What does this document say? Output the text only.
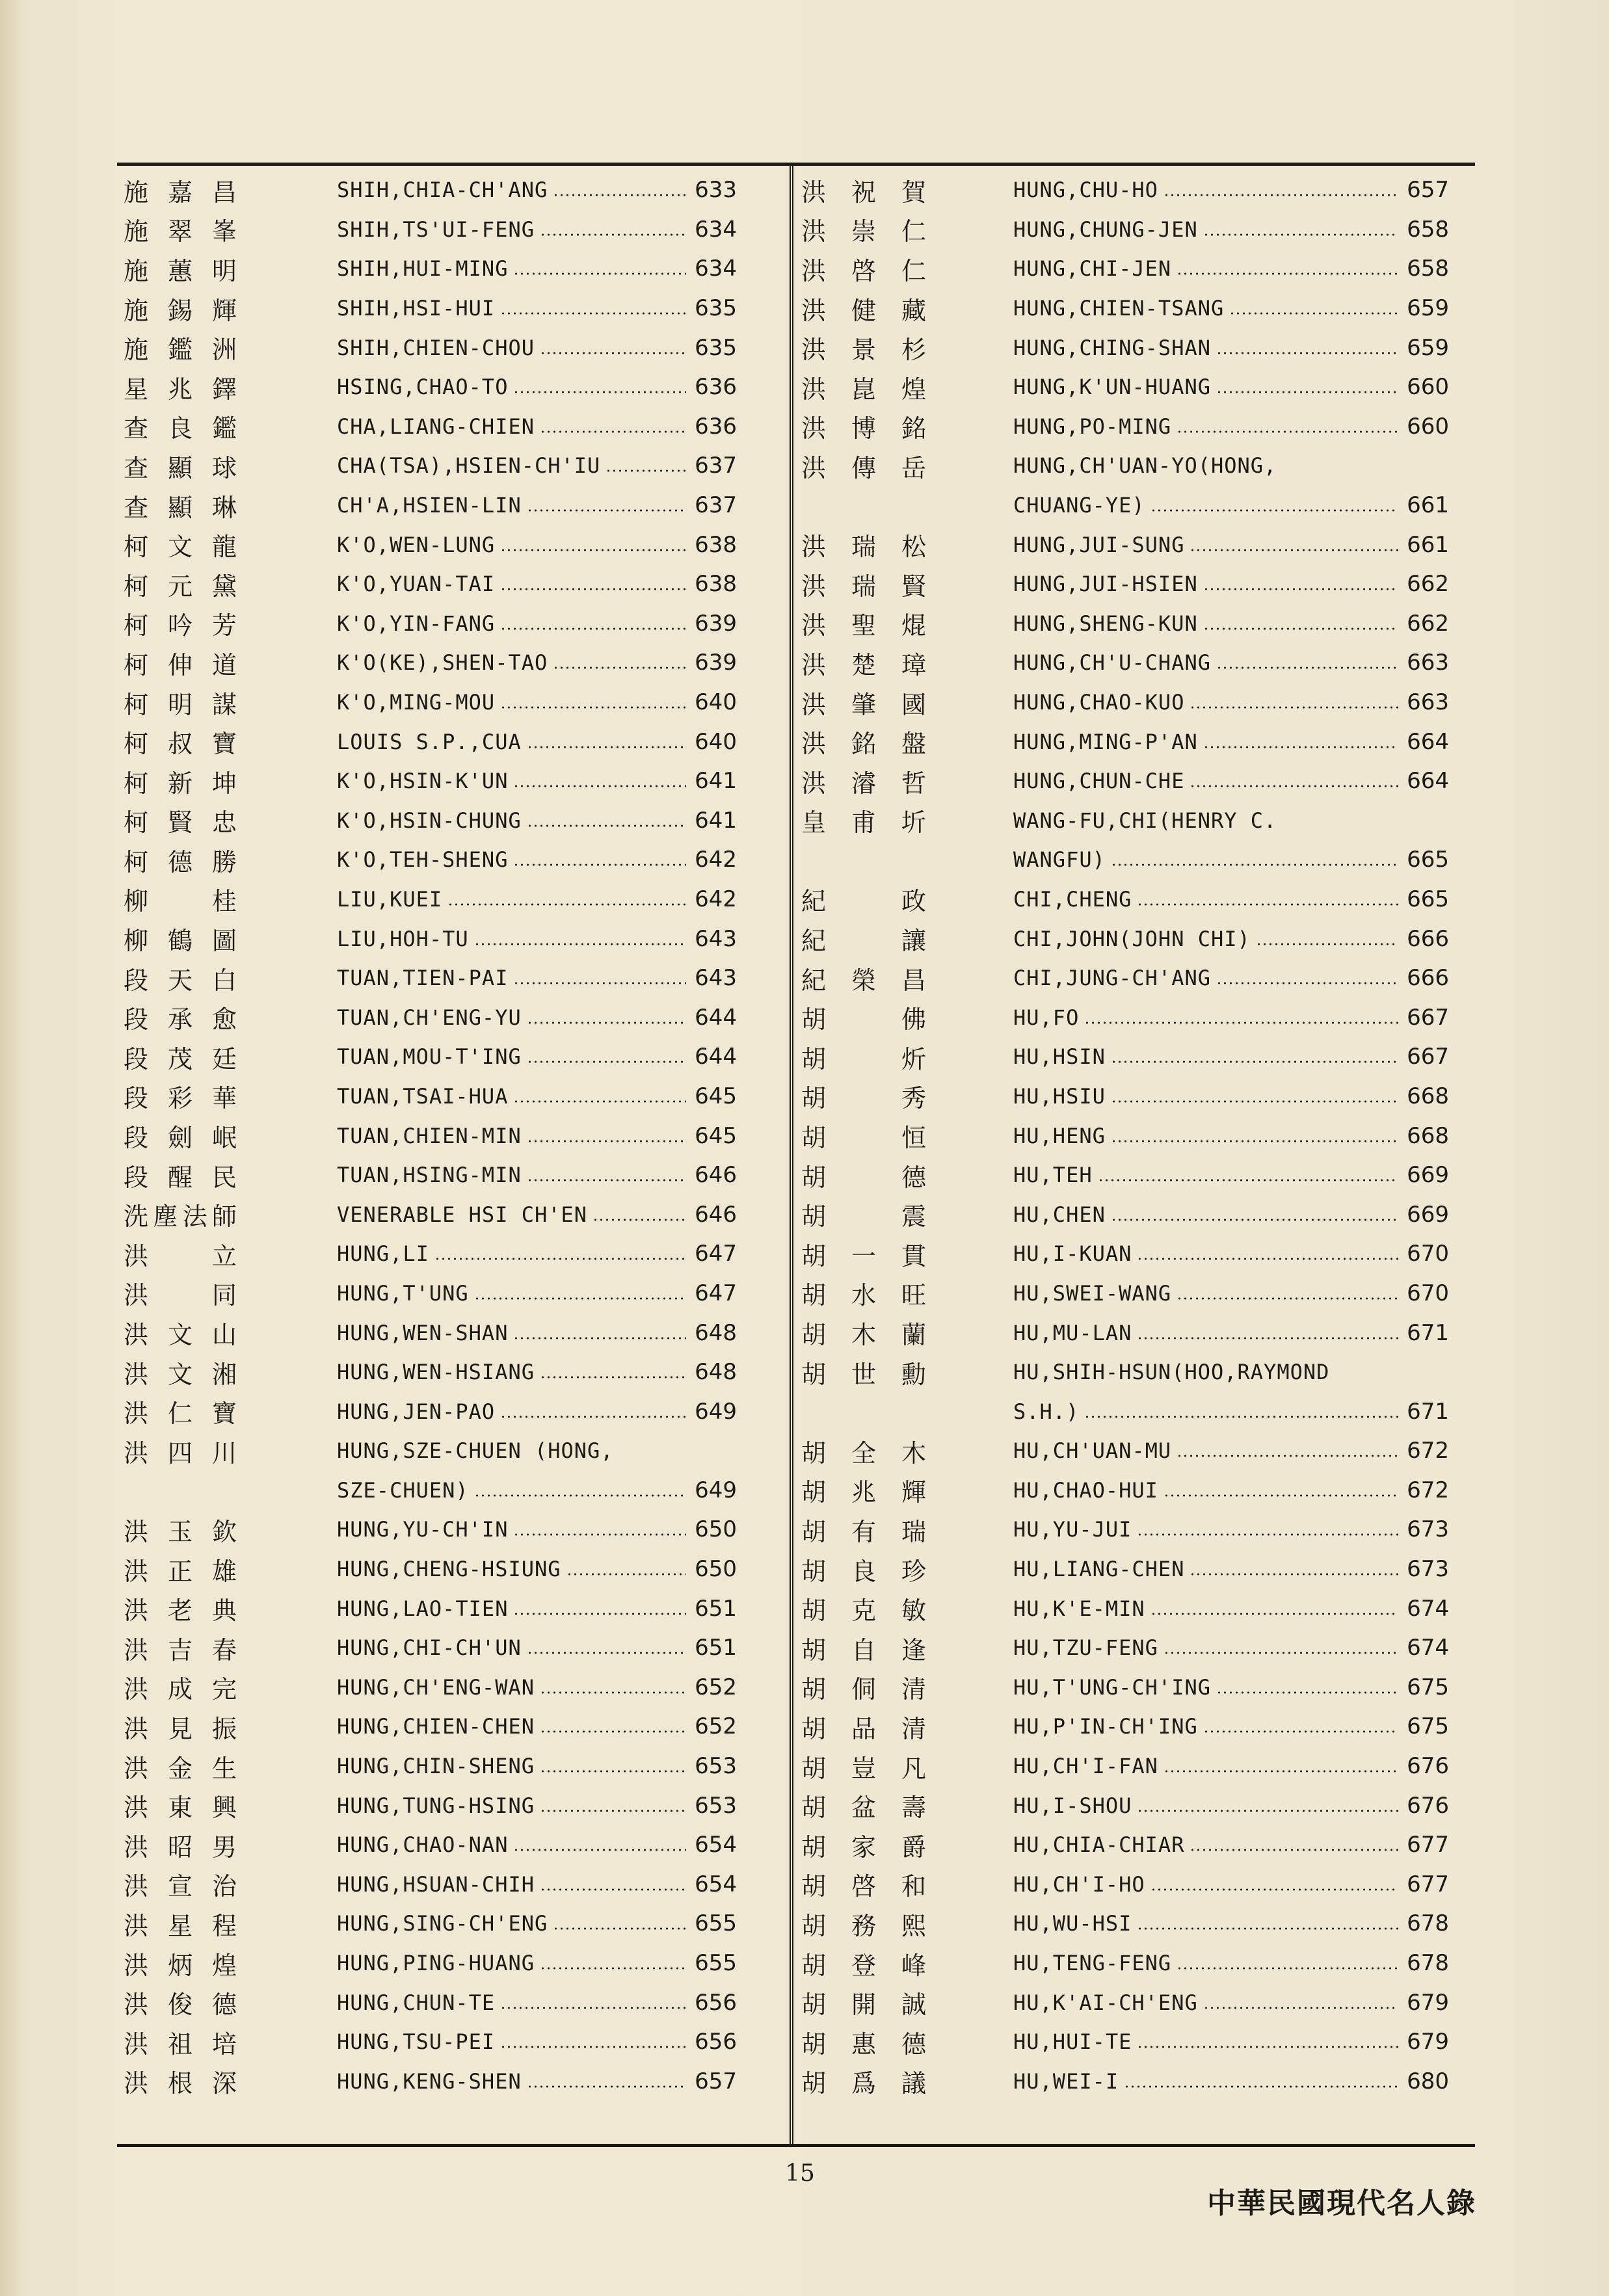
施嘉昌	SHIH,CHIA-CH'ANG	633
施翠峯	SHIH,TS'UI-FENG	634
施蕙明	SHIH,HUI-MING	634
施錫輝	SHIH,HSI-HUI	635
施鑑洲	SHIH,CHIEN-CHOU	635
星兆鐸	HSING,CHAO-TO	636
查良鑑	CHA,LIANG-CHIEN	636
查顯球	CHA(TSA),HSIEN-CH'IU	637
查顯琳	CH'A,HSIEN-LIN	637
柯文龍	K'O,WEN-LUNG	638
柯元黛	K'O,YUAN-TAI	638
柯吟芳	K'O,YIN-FANG	639
柯伸道	K'O(KE),SHEN-TAO	639
柯明謀	K'O,MING-MOU	640
柯叔寶	LOUIS S.P.,CUA	640
柯新坤	K'O,HSIN-K'UN	641
柯賢忠	K'O,HSIN-CHUNG	641
柯德勝	K'O,TEH-SHENG	642
柳桂	LIU,KUEI	642
柳鶴圖	LIU,HOH-TU	643
段天白	TUAN,TIEN-PAI	643
段承愈	TUAN,CH'ENG-YU	644
段茂廷	TUAN,MOU-T'ING	644
段彩華	TUAN,TSAI-HUA	645
段劍岷	TUAN,CHIEN-MIN	645
段醒民	TUAN,HSING-MIN	646
洗塵法師	VENERABLE HSI CH'EN	646
洪立	HUNG,LI	647
洪同	HUNG,T'UNG	647
洪文山	HUNG,WEN-SHAN	648
洪文湘	HUNG,WEN-HSIANG	648
洪仁寶	HUNG,JEN-PAO	649
洪四川	HUNG,SZE-CHUEN (HONG,
SZE-CHUEN)	649
洪玉欽	HUNG,YU-CH'IN	650
洪正雄	HUNG,CHENG-HSIUNG	650
洪老典	HUNG,LAO-TIEN	651
洪吉春	HUNG,CHI-CH'UN	651
洪成完	HUNG,CH'ENG-WAN	652
洪見振	HUNG,CHIEN-CHEN	652
洪金生	HUNG,CHIN-SHENG	653
洪東興	HUNG,TUNG-HSING	653
洪昭男	HUNG,CHAO-NAN	654
洪宣治	HUNG,HSUAN-CHIH	654
洪星程	HUNG,SING-CH'ENG	655
洪炳煌	HUNG,PING-HUANG	655
洪俊德	HUNG,CHUN-TE	656
洪祖培	HUNG,TSU-PEI	656
洪根深	HUNG,KENG-SHEN	657
洪祝賀	HUNG,CHU-HO	657
洪崇仁	HUNG,CHUNG-JEN	658
洪啓仁	HUNG,CHI-JEN	658
洪健藏	HUNG,CHIEN-TSANG	659
洪景杉	HUNG,CHING-SHAN	659
洪崑煌	HUNG,K'UN-HUANG	660
洪博銘	HUNG,PO-MING	660
洪傳岳	HUNG,CH'UAN-YO(HONG,
CHUANG-YE)	661
洪瑞松	HUNG,JUI-SUNG	661
洪瑞賢	HUNG,JUI-HSIEN	662
洪聖焜	HUNG,SHENG-KUN	662
洪楚璋	HUNG,CH'U-CHANG	663
洪肇國	HUNG,CHAO-KUO	663
洪銘盤	HUNG,MING-P'AN	664
洪濬哲	HUNG,CHUN-CHE	664
皇甫圻	WANG-FU,CHI(HENRY C.
WANGFU)	665
紀政	CHI,CHENG	665
紀讓	CHI,JOHN(JOHN CHI)	666
紀榮昌	CHI,JUNG-CH'ANG	666
胡佛	HU,FO	667
胡炘	HU,HSIN	667
胡秀	HU,HSIU	668
胡恒	HU,HENG	668
胡德	HU,TEH	669
胡震	HU,CHEN	669
胡一貫	HU,I-KUAN	670
胡水旺	HU,SWEI-WANG	670
胡木蘭	HU,MU-LAN	671
胡世勳	HU,SHIH-HSUN(HOO,RAYMOND
S.H.)	671
胡全木	HU,CH'UAN-MU	672
胡兆輝	HU,CHAO-HUI	672
胡有瑞	HU,YU-JUI	673
胡良珍	HU,LIANG-CHEN	673
胡克敏	HU,K'E-MIN	674
胡自逢	HU,TZU-FENG	674
胡侗清	HU,T'UNG-CH'ING	675
胡品清	HU,P'IN-CH'ING	675
胡豈凡	HU,CH'I-FAN	676
胡盆壽	HU,I-SHOU	676
胡家爵	HU,CHIA-CHIAR	677
胡啓和	HU,CH'I-HO	677
胡務熙	HU,WU-HSI	678
胡登峰	HU,TENG-FENG	678
胡開誠	HU,K'AI-CH'ENG	679
胡惠德	HU,HUI-TE	679
胡爲議	HU,WEI-I	680
15
中華民國現代名人錄
